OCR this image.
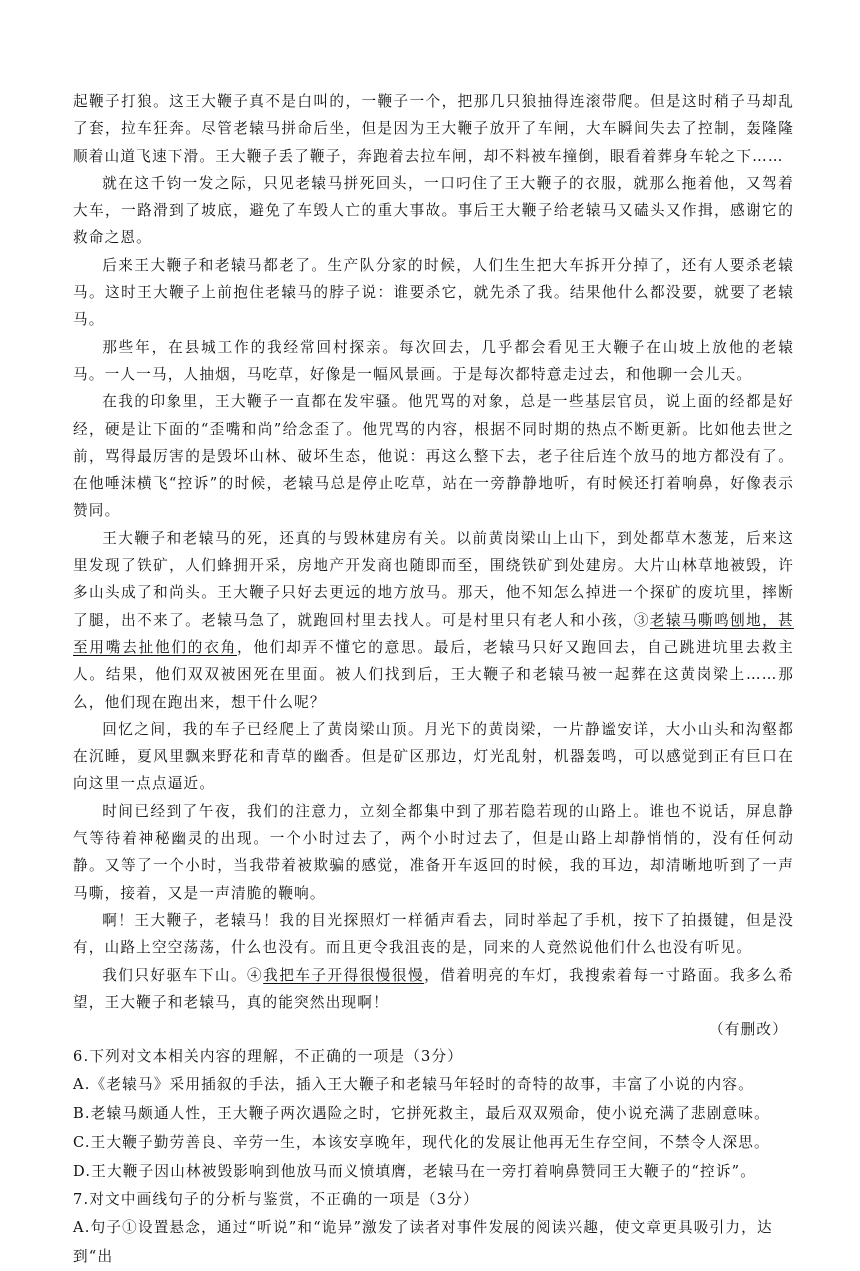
起鞭子打狼。这王大鞭子真不是白叫的，一鞭子一个，把那几只狼抽得连滚带爬。但是这时稍子马却乱了套，拉车狂奔。尽管老辕马拼命后坐，但是因为王大鞭子放开了车闸，大车瞬间失去了控制，轰隆隆顺着山道飞速下滑。王大鞭子丢了鞭子，奔跑着去拉车闸，却不料被车撞倒，眼看着葬身车轮之下……

就在这千钧一发之际，只见老辕马拼死回头，一口叼住了王大鞭子的衣服，就那么拖着他，又驾着大车，一路滑到了坡底，避免了车毁人亡的重大事故。事后王大鞭子给老辕马又磕头又作揖，感谢它的救命之恩。

后来王大鞭子和老辕马都老了。生产队分家的时候，人们生生把大车拆开分掉了，还有人要杀老辕马。这时王大鞭子上前抱住老辕马的脖子说：谁要杀它，就先杀了我。结果他什么都没要，就要了老辕马。

那些年，在县城工作的我经常回村探亲。每次回去，几乎都会看见王大鞭子在山坡上放他的老辕马。一人一马，人抽烟，马吃草，好像是一幅风景画。于是每次都特意走过去，和他聊一会儿天。

在我的印象里，王大鞭子一直都在发牢骚。他咒骂的对象，总是一些基层官员，说上面的经都是好经，硬是让下面的“歪嘴和尚”给念歪了。他咒骂的内容，根据不同时期的热点不断更新。比如他去世之前，骂得最厉害的是毁坏山林、破坏生态，他说：再这么整下去，老子往后连个放马的地方都没有了。在他唾沫横飞“控诉”的时候，老辕马总是停止吃草，站在一旁静静地听，有时候还打着响鼻，好像表示赞同。

王大鞭子和老辕马的死，还真的与毁林建房有关。以前黄岗梁山上山下，到处都草木葱茏，后来这里发现了铁矿，人们蜂拥开采，房地产开发商也随即而至，围绕铁矿到处建房。大片山林草地被毁，许多山头成了和尚头。王大鞭子只好去更远的地方放马。那天，他不知怎么掉进一个探矿的废坑里，摔断了腿，出不来了。老辕马急了，就跑回村里去找人。可是村里只有老人和小孩，③老辕马嘶鸣刨地，甚至用嘴去扯他们的衣角，他们却弄不懂它的意思。最后，老辕马只好又跑回去，自己跳进坑里去救主人。结果，他们双双被困死在里面。被人们找到后，王大鞭子和老辕马被一起葬在这黄岗梁上……那么，他们现在跑出来，想干什么呢？

回忆之间，我的车子已经爬上了黄岗梁山顶。月光下的黄岗梁，一片静谧安详，大小山头和沟壑都在沉睡，夏风里飘来野花和青草的幽香。但是矿区那边，灯光乱射，机器轰鸣，可以感觉到正有巨口在向这里一点点逼近。

时间已经到了午夜，我们的注意力，立刻全都集中到了那若隐若现的山路上。谁也不说话，屏息静气等待着神秘幽灵的出现。一个小时过去了，两个小时过去了，但是山路上却静悄悄的，没有任何动静。又等了一个小时，当我带着被欺骗的感觉，准备开车返回的时候，我的耳边，却清晰地听到了一声马嘶，接着，又是一声清脆的鞭响。

啊！王大鞭子，老辕马！我的目光探照灯一样循声看去，同时举起了手机，按下了拍摄键，但是没有，山路上空空荡荡，什么也没有。而且更令我沮丧的是，同来的人竟然说他们什么也没有听见。

我们只好驱车下山。④我把车子开得很慢很慢，借着明亮的车灯，我搜索着每一寸路面。我多么希望，王大鞭子和老辕马，真的能突然出现啊！

（有删改）

6.下列对文本相关内容的理解，不正确的一项是（3分）

A.《老辕马》采用插叙的手法，插入王大鞭子和老辕马年轻时的奇特的故事，丰富了小说的内容。

B.老辕马颇通人性，王大鞭子两次遇险之时，它拼死救主，最后双双殒命，使小说充满了悲剧意味。

C.王大鞭子勤劳善良、辛劳一生，本该安享晚年，现代化的发展让他再无生存空间，不禁令人深思。

D.王大鞭子因山林被毁影响到他放马而义愤填膺，老辕马在一旁打着响鼻赞同王大鞭子的“控诉”。

7.对文中画线句子的分析与鉴赏，不正确的一项是（3分）

A.句子①设置悬念，通过“听说”和“诡异”激发了读者对事件发展的阅读兴趣，使文章更具吸引力，达到“出
